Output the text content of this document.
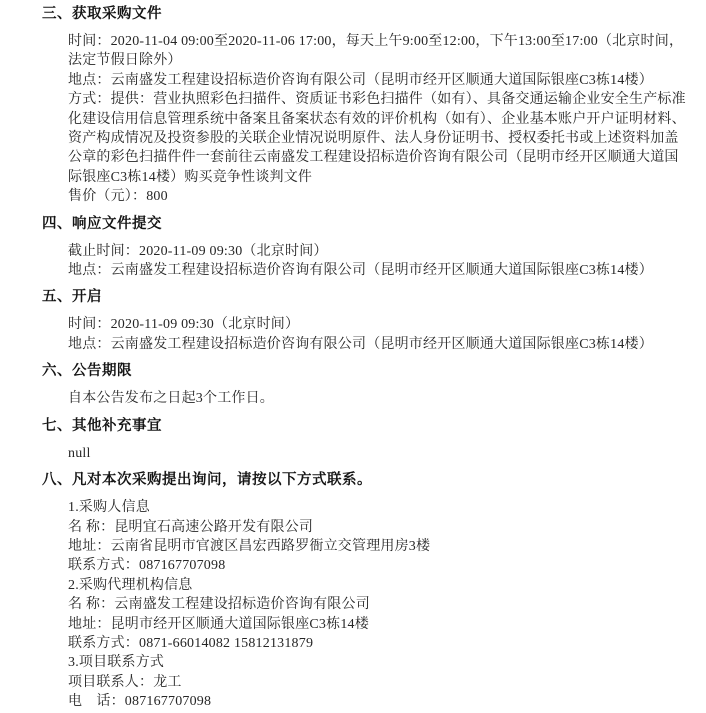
三、获取采购文件

时间：2020-11-04 09:00至2020-11-06 17:00，每天上午9:00至12:00，下午13:00至17:00（北京时间，法定节假日除外）

地点：云南盛发工程建设招标造价咨询有限公司（昆明市经开区顺通大道国际银座C3栋14楼）

方式：提供：营业执照彩色扫描件、资质证书彩色扫描件（如有）、具备交通运输企业安全生产标准化建设信用信息管理系统中备案且备案状态有效的评价机构（如有）、企业基本账户开户证明材料、资产构成情况及投资参股的关联企业情况说明原件、法人身份证明书、授权委托书或上述资料加盖公章的彩色扫描件件一套前往云南盛发工程建设招标造价咨询有限公司（昆明市经开区顺通大道国际银座C3栋14楼）购买竞争性谈判文件

售价（元）：800

四、响应文件提交

截止时间：2020-11-09 09:30（北京时间）

地点：云南盛发工程建设招标造价咨询有限公司（昆明市经开区顺通大道国际银座C3栋14楼）

五、开启

时间：2020-11-09 09:30（北京时间）

地点：云南盛发工程建设招标造价咨询有限公司（昆明市经开区顺通大道国际银座C3栋14楼）

六、公告期限

自本公告发布之日起3个工作日。

七、其他补充事宜

null

八、凡对本次采购提出询问，请按以下方式联系。

1.采购人信息

名 称：昆明宜石高速公路开发有限公司

地址：云南省昆明市官渡区昌宏西路罗衙立交管理用房3楼

联系方式：087167707098

2.采购代理机构信息

名 称：云南盛发工程建设招标造价咨询有限公司

地址：昆明市经开区顺通大道国际银座C3栋14楼

联系方式：0871-66014082 15812131879

3.项目联系方式

项目联系人：龙工

电　话：087167707098
